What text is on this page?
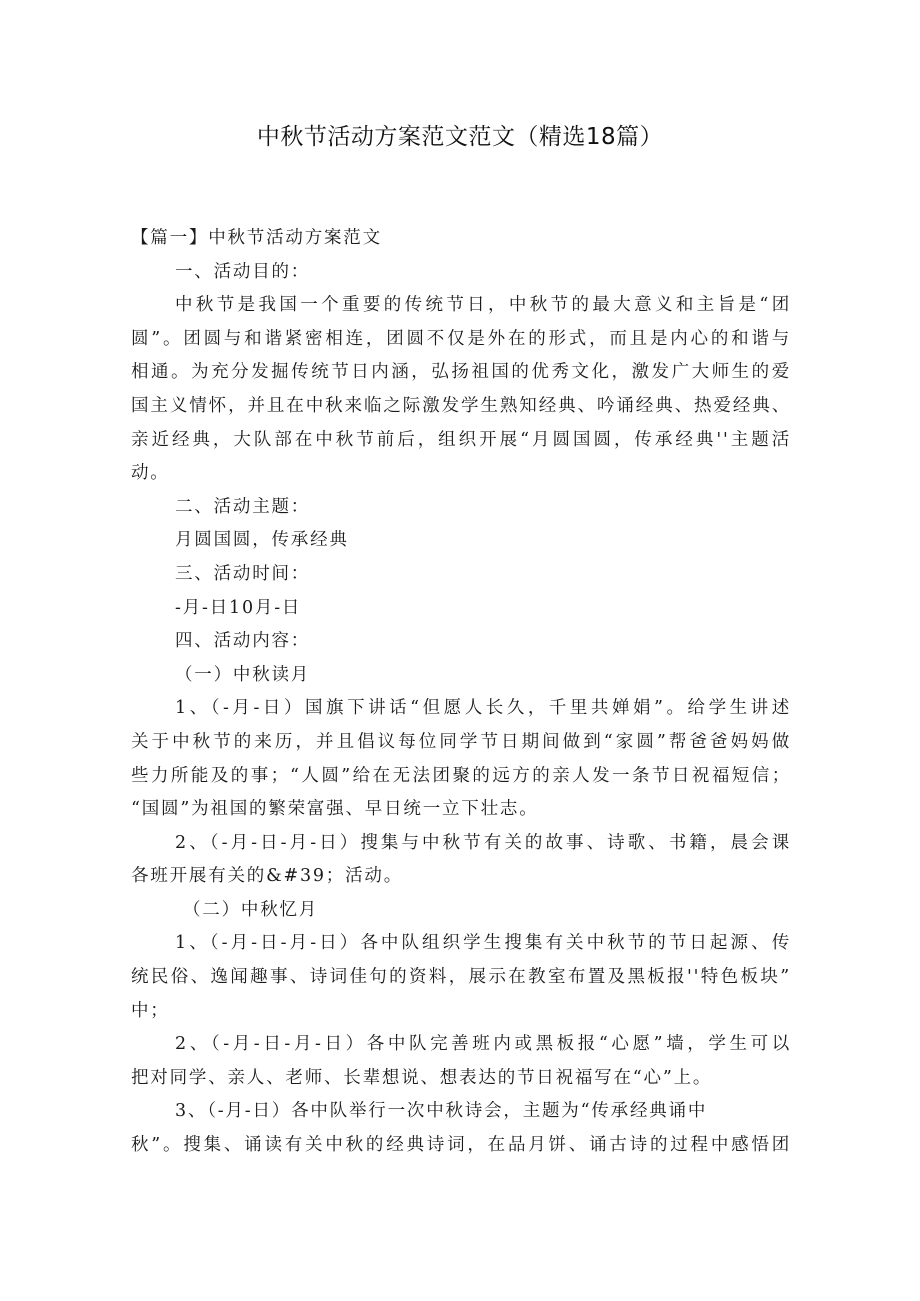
中秋节活动方案范文范文（精选18篇）
【篇一】中秋节活动方案范文
一、活动目的：
中秋节是我国一个重要的传统节日，中秋节的最大意义和主旨是“团
圆”。团圆与和谐紧密相连，团圆不仅是外在的形式，而且是内心的和谐与
相通。为充分发掘传统节日内涵，弘扬祖国的优秀文化，激发广大师生的爱
国主义情怀，并且在中秋来临之际激发学生熟知经典、吟诵经典、热爱经典、
亲近经典，大队部在中秋节前后，组织开展“月圆国圆，传承经典''主题活
动。
二、活动主题：
月圆国圆，传承经典
三、活动时间：
-月-日10月-日
四、活动内容：
（一）中秋读月
1、（-月-日）国旗下讲话“但愿人长久，千里共婵娟”。给学生讲述
关于中秋节的来历，并且倡议每位同学节日期间做到“家圆”帮爸爸妈妈做
些力所能及的事；“人圆”给在无法团聚的远方的亲人发一条节日祝福短信；
“国圆”为祖国的繁荣富强、早日统一立下壮志。
2、（-月-日-月-日）搜集与中秋节有关的故事、诗歌、书籍，晨会课
各班开展有关的&#39；活动。
（二）中秋忆月
1、（-月-日-月-日）各中队组织学生搜集有关中秋节的节日起源、传
统民俗、逸闻趣事、诗词佳句的资料，展示在教室布置及黑板报''特色板块”
中；
2、（-月-日-月-日）各中队完善班内或黑板报“心愿”墙，学生可以
把对同学、亲人、老师、长辈想说、想表达的节日祝福写在“心”上。
3、（-月-日）各中队举行一次中秋诗会，主题为“传承经典诵中
秋”。搜集、诵读有关中秋的经典诗词，在品月饼、诵古诗的过程中感悟团
